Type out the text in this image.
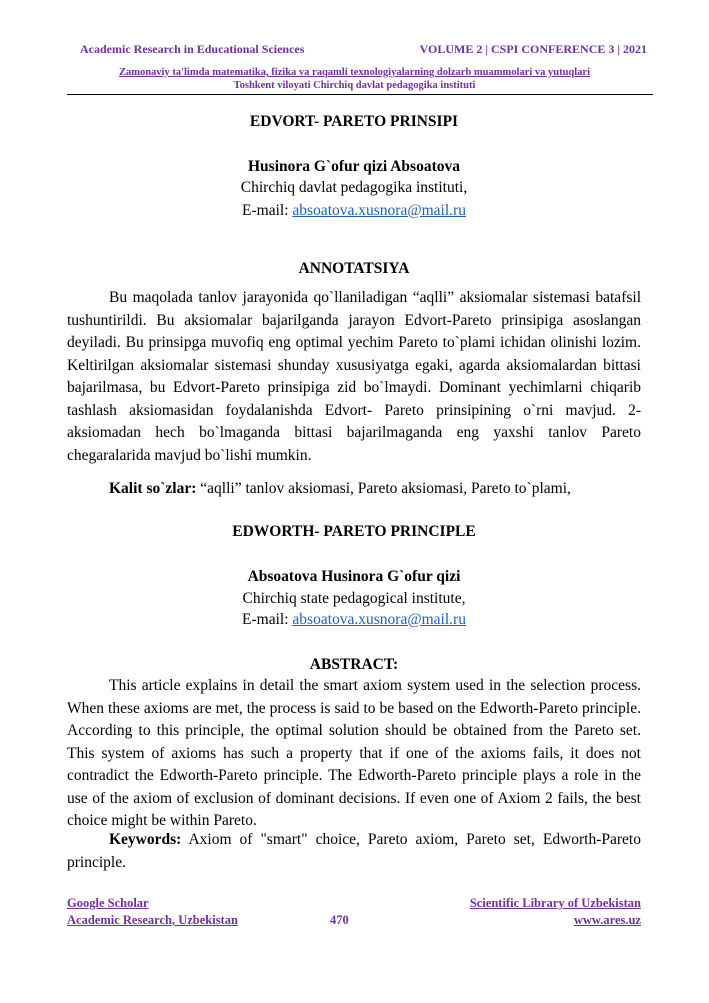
Academic Research in Educational Sciences	VOLUME 2 | CSPI CONFERENCE 3 | 2021
Zamonaviy ta'limda matematika, fizika va raqamli texnologiyalarning dolzarb muammolari va yutuqlari
Toshkent viloyati Chirchiq davlat pedagogika instituti
EDVORT- PARETO PRINSIPI
Husinora G`ofur qizi Absoatova
Chirchiq davlat pedagogika instituti,
E-mail: absoatova.xusnora@mail.ru
ANNOTATSIYA
Bu maqolada tanlov jarayonida qo`llaniladigan “aqlli” aksiomalar sistemasi batafsil tushuntirildi. Bu aksiomalar bajarilganda jarayon Edvort-Pareto prinsipiga asoslangan deyiladi. Bu prinsipga muvofiq eng optimal yechim Pareto to`plami ichidan olinishi lozim. Keltirilgan aksiomalar sistemasi shunday xususiyatga egaki, agarda aksiomalardan bittasi bajarilmasa, bu Edvort-Pareto prinsipiga zid bo`lmaydi. Dominant yechimlarni chiqarib tashlash aksiomasidan foydalanishda Edvort- Pareto prinsipining o`rni mavjud. 2-aksiomadan hech bo`lmaganda bittasi bajarilmaganda eng yaxshi tanlov Pareto chegaralarida mavjud bo`lishi mumkin.
Kalit so`zlar: “aqlli” tanlov aksiomasi, Pareto aksiomasi, Pareto to`plami,
EDWORTH- PARETO PRINCIPLE
Absoatova Husinora G`ofur qizi
Chirchiq state pedagogical institute,
E-mail: absoatova.xusnora@mail.ru
ABSTRACT:
This article explains in detail the smart axiom system used in the selection process. When these axioms are met, the process is said to be based on the Edworth-Pareto principle. According to this principle, the optimal solution should be obtained from the Pareto set. This system of axioms has such a property that if one of the axioms fails, it does not contradict the Edworth-Pareto principle. The Edworth-Pareto principle plays a role in the use of the axiom of exclusion of dominant decisions. If even one of Axiom 2 fails, the best choice might be within Pareto.
Keywords: Axiom of "smart" choice, Pareto axiom, Pareto set, Edworth-Pareto principle.
Google Scholar	Scientific Library of Uzbekistan
Academic Research, Uzbekistan	470	www.ares.uz
